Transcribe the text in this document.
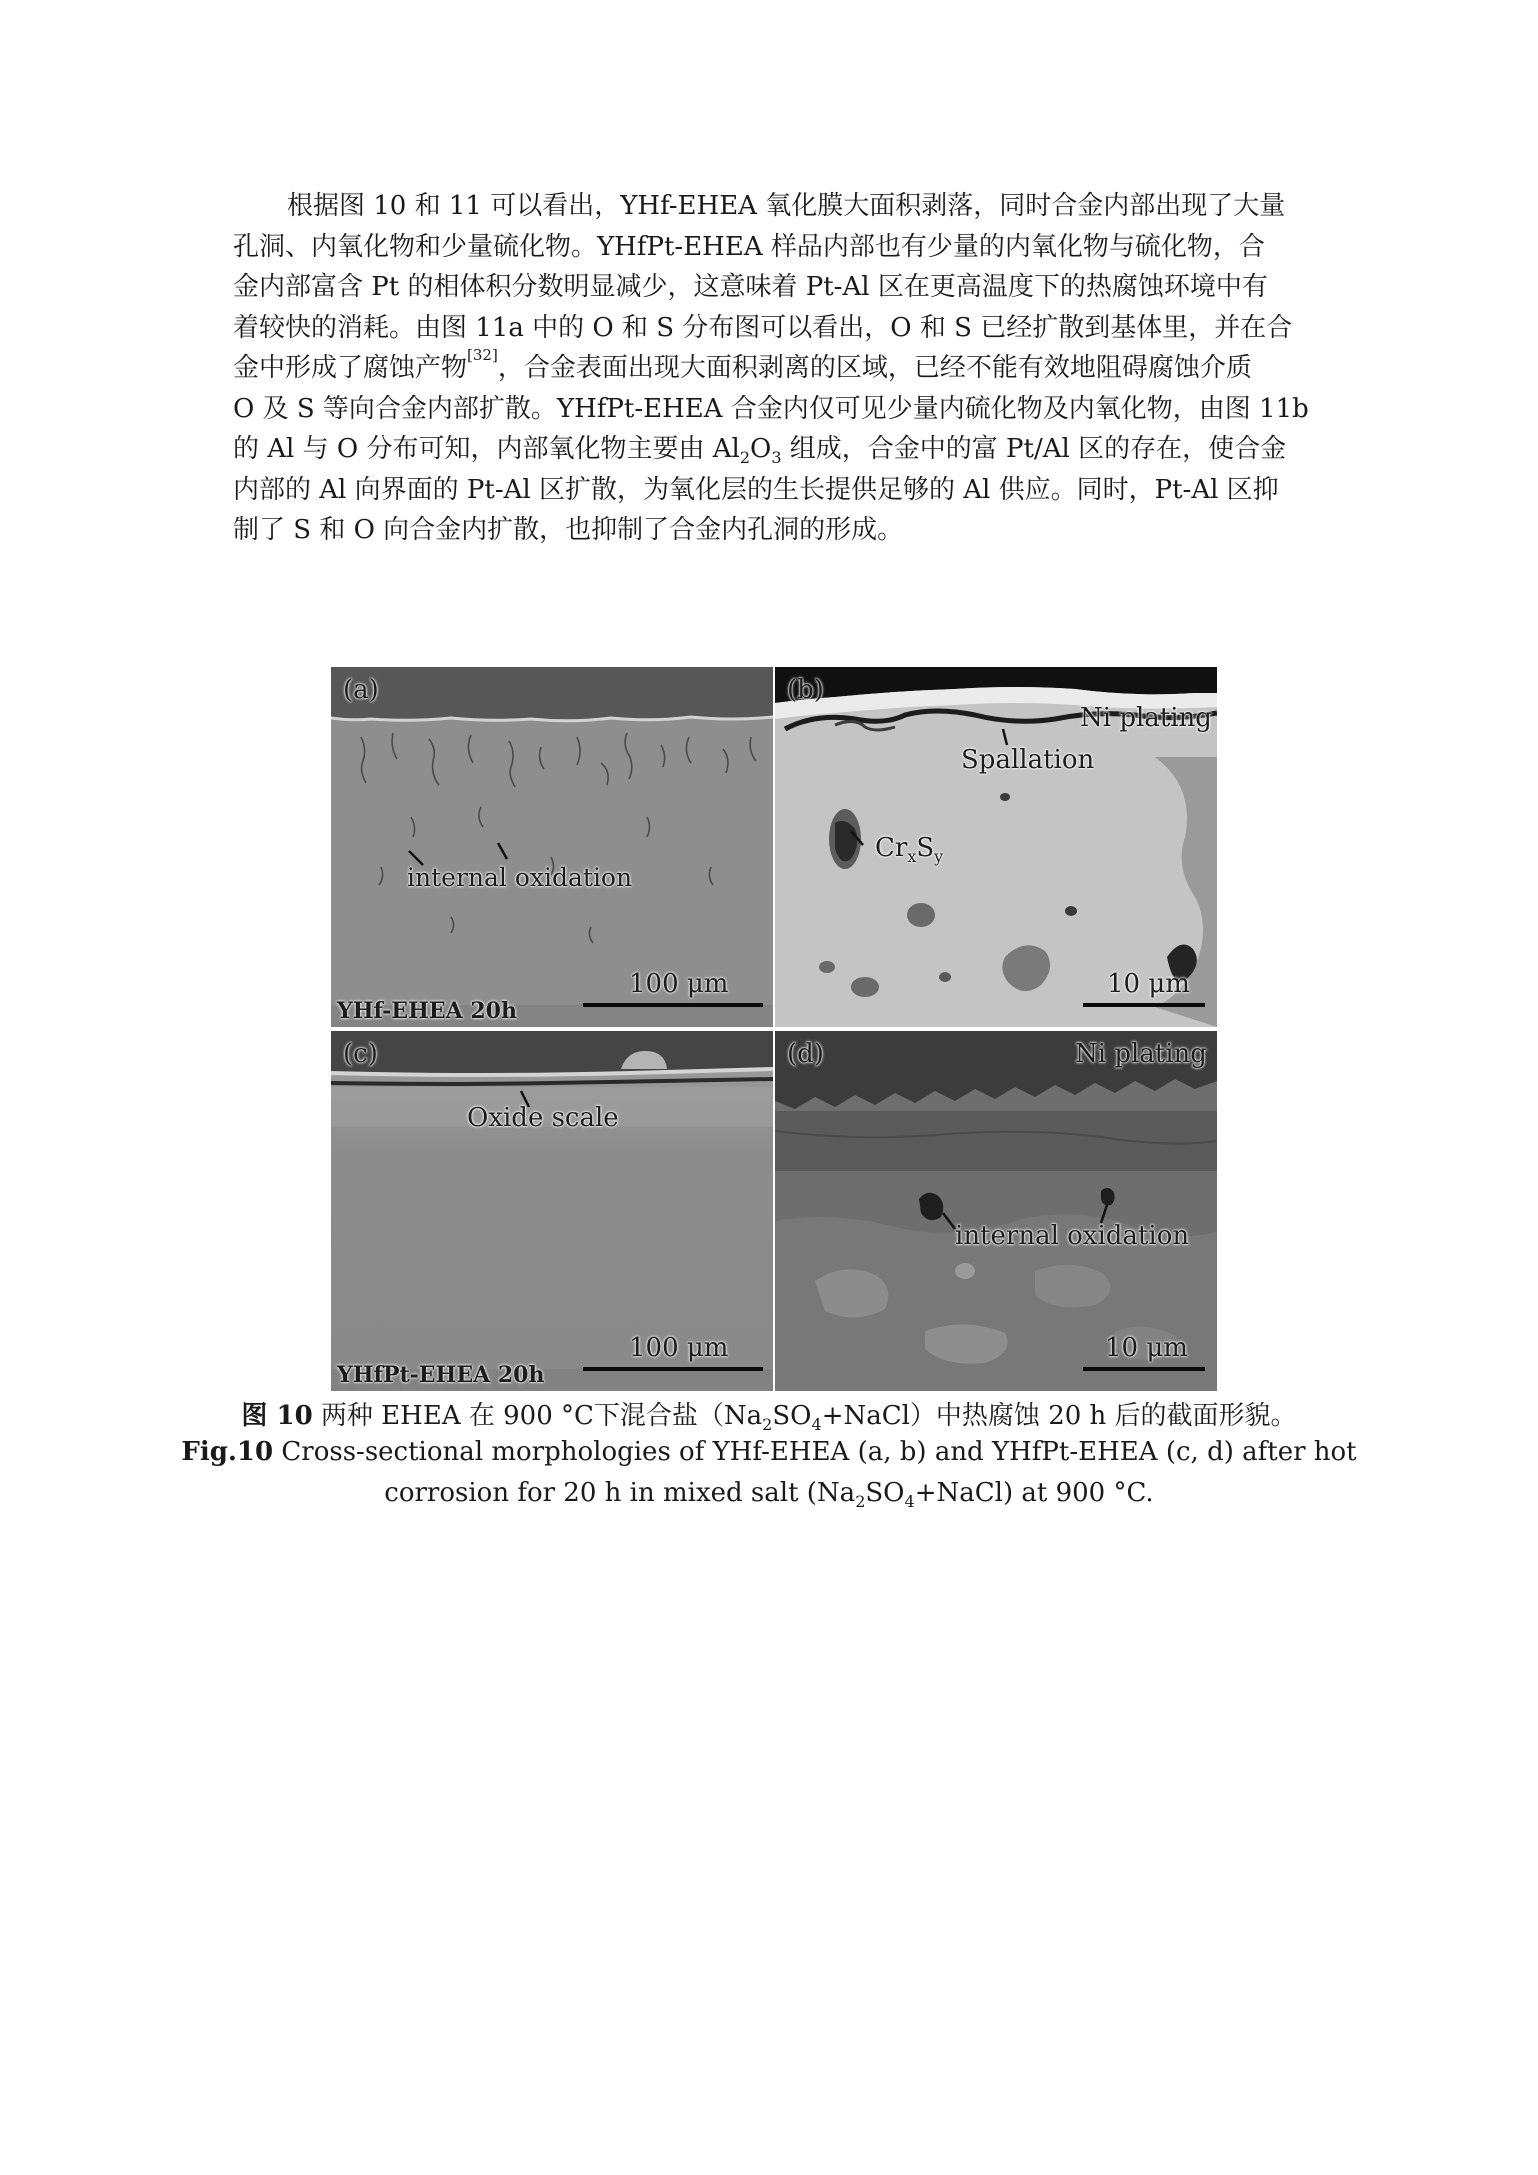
根据图 10 和 11 可以看出，YHf-EHEA 氧化膜大面积剥落，同时合金内部出现了大量
孔洞、内氧化物和少量硫化物。YHfPt-EHEA 样品内部也有少量的内氧化物与硫化物，合
金内部富含 Pt 的相体积分数明显减少，这意味着 Pt-Al 区在更高温度下的热腐蚀环境中有
着较快的消耗。由图 11a 中的 O 和 S 分布图可以看出，O 和 S 已经扩散到基体里，并在合
金中形成了腐蚀产物[32]，合金表面出现大面积剥离的区域，已经不能有效地阻碍腐蚀介质
O 及 S 等向合金内部扩散。YHfPt-EHEA 合金内仅可见少量内硫化物及内氧化物，由图 11b
的 Al 与 O 分布可知，内部氧化物主要由 $Al_2O_3$ 组成，合金中的富 Pt/Al 区的存在，使合金
内部的 Al 向界面的 Pt-Al 区扩散，为氧化层的生长提供足够的 Al 供应。同时，Pt-Al 区抑
制了 S 和 O 向合金内扩散，也抑制了合金内孔洞的形成。
(a)
internal oxidation
100 μm
YHf-EHEA 20h
(b)
Ni plating
Spallation
$Cr_xS_y$
10 μm
(c)
Oxide scale
100 μm
YHfPt-EHEA 20h
(d)	Ni plating
internal oxidation
10 μm
图 10 两种 EHEA 在 900 °C下混合盐$(Na_2SO_4+NaCl)$中热腐蚀 20 h 后的截面形貌。
Fig.10 Cross-sectional morphologies of YHf-EHEA (a, b) and YHfPt-EHEA (c, d) after hot
corrosion for 20 h in mixed salt $(Na_2SO_4+NaCl)$ at 900 °C.
